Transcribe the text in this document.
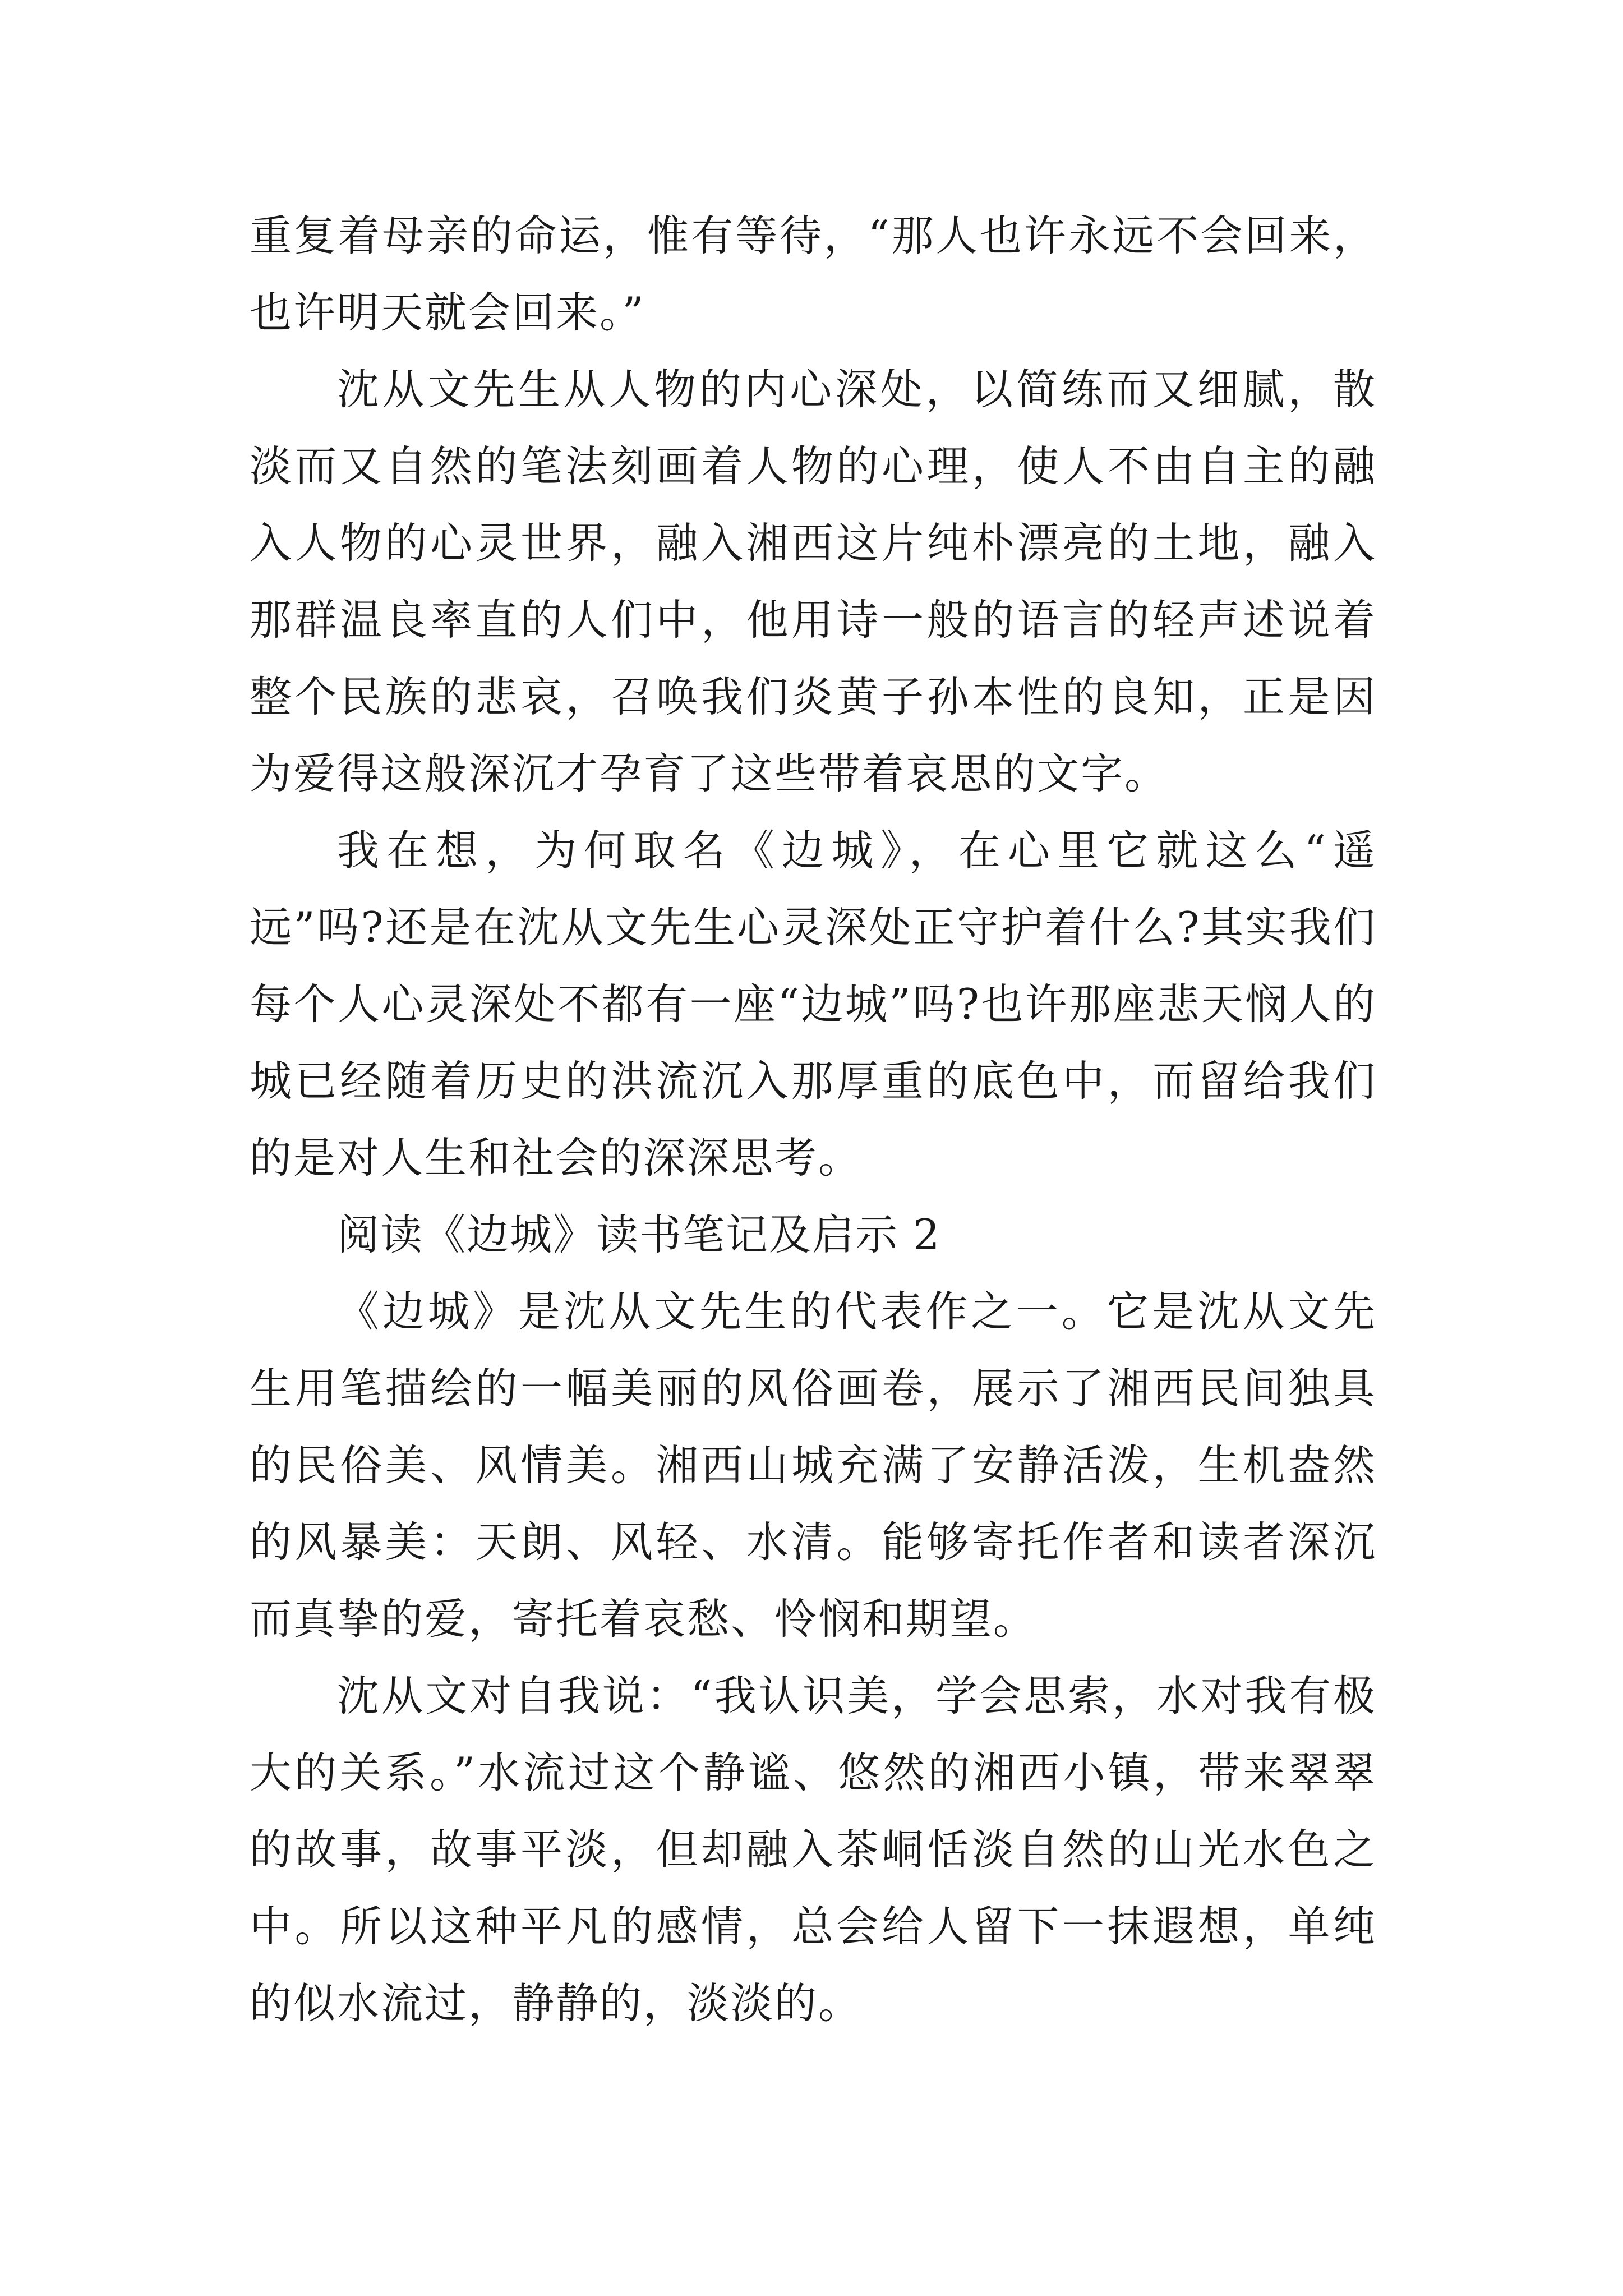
重复着母亲的命运，惟有等待，“那人也许永远不会回来，也许明天就会回来。”

沈从文先生从人物的内心深处，以简练而又细腻，散淡而又自然的笔法刻画着人物的心理，使人不由自主的融入人物的心灵世界，融入湘西这片纯朴漂亮的土地，融入那群温良率直的人们中，他用诗一般的语言的轻声述说着整个民族的悲哀，召唤我们炎黄子孙本性的良知，正是因为爱得这般深沉才孕育了这些带着哀思的文字。

我在想，为何取名《边城》，在心里它就这么“遥远”吗?还是在沈从文先生心灵深处正守护着什么?其实我们每个人心灵深处不都有一座“边城”吗?也许那座悲天悯人的城已经随着历史的洪流沉入那厚重的底色中，而留给我们的是对人生和社会的深深思考。

阅读《边城》读书笔记及启示 2

《边城》是沈从文先生的代表作之一。它是沈从文先生用笔描绘的一幅美丽的风俗画卷，展示了湘西民间独具的民俗美、风情美。湘西山城充满了安静活泼，生机盎然的风暴美：天朗、风轻、水清。能够寄托作者和读者深沉而真挚的爱，寄托着哀愁、怜悯和期望。

沈从文对自我说：“我认识美，学会思索，水对我有极大的关系。”水流过这个静谧、悠然的湘西小镇，带来翠翠的故事，故事平淡，但却融入茶峒恬淡自然的山光水色之中。所以这种平凡的感情，总会给人留下一抹遐想，单纯的似水流过，静静的，淡淡的。
